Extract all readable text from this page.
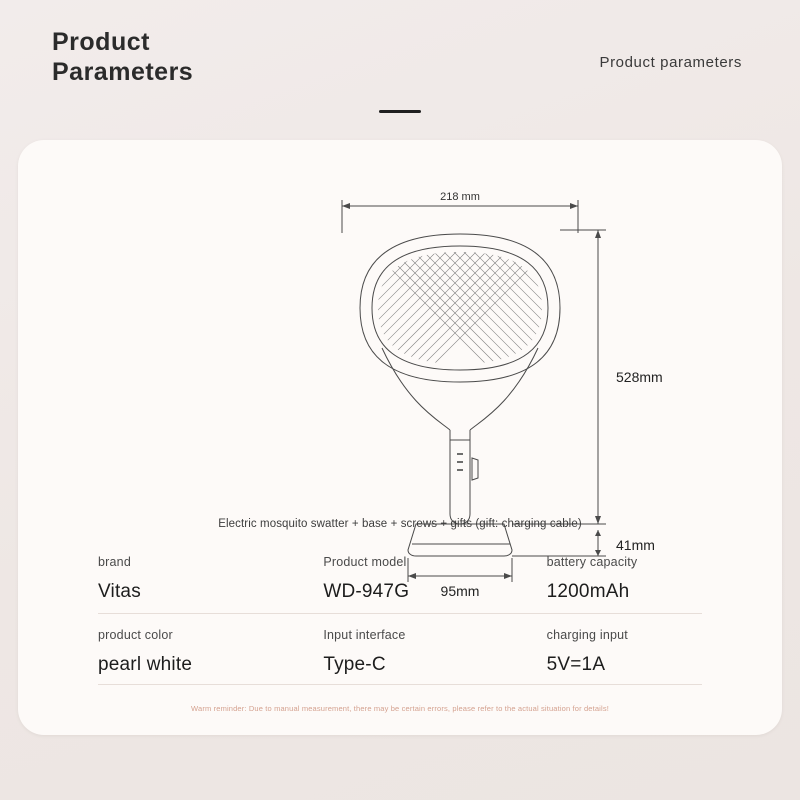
Product
Parameters	Product parameters
218 mm
528mm
41mm
95mm
Electric mosquito swatter + base + screws + gifts (gift: charging cable)
brand
Vitas
Product model
WD-947G
battery capacity
1200mAh
product color
pearl white
Input interface
Type-C
charging input
5V=1A
Warm reminder: Due to manual measurement, there may be certain errors, please refer to the actual situation for details!
